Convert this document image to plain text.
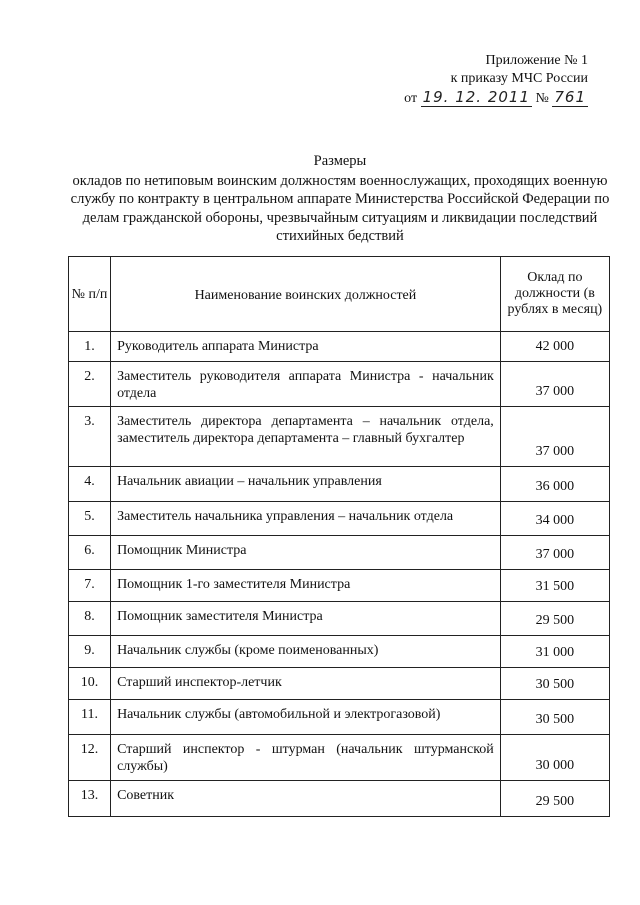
Приложение № 1
к приказу МЧС России
от 19. 12. 2011 № 761
Размеры
окладов по нетиповым воинским должностям военнослужащих, проходящих военную службу по контракту в центральном аппарате Министерства Российской Федерации по делам гражданской обороны, чрезвычайным ситуациям и ликвидации последствий стихийных бедствий
№ п/п	Наименование воинских должностей	Оклад по должности (в рублях в месяц)
1.	Руководитель аппарата Министра	42 000
2.	Заместитель руководителя аппарата Министра - начальник отдела	37 000
3.	Заместитель директора департамента – начальник отдела, заместитель директора департамента – главный бухгалтер	37 000
4.	Начальник авиации – начальник управления	36 000
5.	Заместитель начальника управления – начальник отдела	34 000
6.	Помощник Министра	37 000
7.	Помощник 1-го заместителя Министра	31 500
8.	Помощник заместителя Министра	29 500
9.	Начальник службы (кроме поименованных)	31 000
10.	Старший инспектор-летчик	30 500
11.	Начальник службы (автомобильной и электрогазовой)	30 500
12.	Старший инспектор - штурман (начальник штурманской службы)	30 000
13.	Советник	29 500
